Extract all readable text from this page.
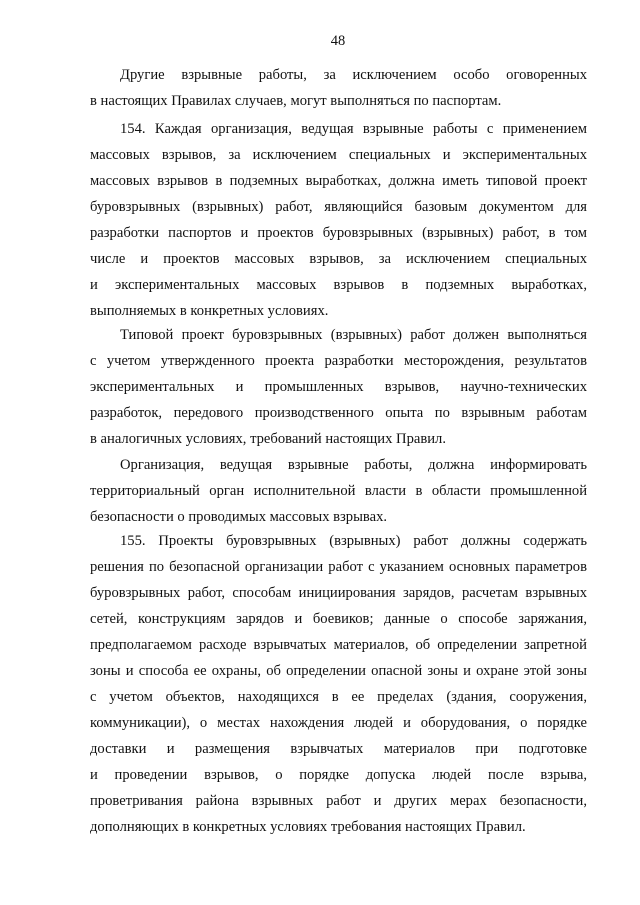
48
Другие взрывные работы, за исключением особо оговоренных
в настоящих Правилах случаев, могут выполняться по паспортам.
154. Каждая организация, ведущая взрывные работы с применением
массовых взрывов, за исключением специальных и экспериментальных
массовых взрывов в подземных выработках, должна иметь типовой проект
буровзрывных (взрывных) работ, являющийся базовым документом для
разработки паспортов и проектов буровзрывных (взрывных) работ, в том
числе и проектов массовых взрывов, за исключением специальных
и экспериментальных массовых взрывов в подземных выработках,
выполняемых в конкретных условиях.
Типовой проект буровзрывных (взрывных) работ должен выполняться
с учетом утвержденного проекта разработки месторождения, результатов
экспериментальных и промышленных взрывов, научно-технических
разработок, передового производственного опыта по взрывным работам
в аналогичных условиях, требований настоящих Правил.
Организация, ведущая взрывные работы, должна информировать
территориальный орган исполнительной власти в области промышленной
безопасности о проводимых массовых взрывах.
155. Проекты буровзрывных (взрывных) работ должны содержать
решения по безопасной организации работ с указанием основных параметров
буровзрывных работ, способам инициирования зарядов, расчетам взрывных
сетей, конструкциям зарядов и боевиков; данные о способе заряжания,
предполагаемом расходе взрывчатых материалов, об определении запретной
зоны и способа ее охраны, об определении опасной зоны и охране этой зоны
с учетом объектов, находящихся в ее пределах (здания, сооружения,
коммуникации), о местах нахождения людей и оборудования, о порядке
доставки и размещения взрывчатых материалов при подготовке
и проведении взрывов, о порядке допуска людей после взрыва,
проветривания района взрывных работ и других мерах безопасности,
дополняющих в конкретных условиях требования настоящих Правил.
